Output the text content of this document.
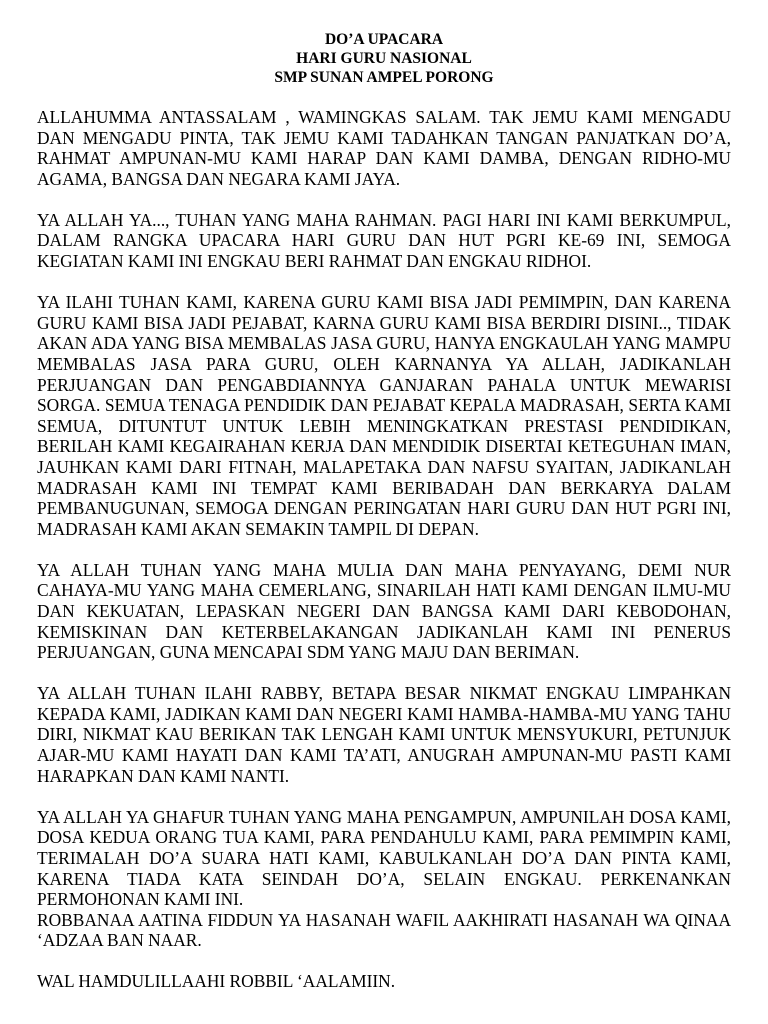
DO’A UPACARA

HARI GURU NASIONAL

SMP SUNAN AMPEL PORONG

ALLAHUMMA ANTASSALAM , WAMINGKAS SALAM. TAK JEMU KAMI MENGADU DAN MENGADU PINTA, TAK JEMU KAMI TADAHKAN TANGAN PANJATKAN DO’A, RAHMAT AMPUNAN-MU KAMI HARAP DAN KAMI DAMBA, DENGAN RIDHO-MU AGAMA, BANGSA DAN NEGARA KAMI JAYA.

YA ALLAH YA..., TUHAN YANG MAHA RAHMAN. PAGI HARI INI KAMI BERKUMPUL, DALAM RANGKA UPACARA HARI GURU DAN HUT PGRI KE-69 INI, SEMOGA KEGIATAN KAMI INI ENGKAU BERI RAHMAT DAN ENGKAU RIDHOI.

YA ILAHI TUHAN KAMI, KARENA GURU KAMI BISA JADI PEMIMPIN, DAN KARENA GURU KAMI BISA JADI PEJABAT, KARNA GURU KAMI BISA BERDIRI DISINI.., TIDAK AKAN ADA YANG BISA MEMBALAS JASA GURU, HANYA ENGKAULAH YANG MAMPU MEMBALAS JASA PARA GURU, OLEH KARNANYA YA ALLAH, JADIKANLAH PERJUANGAN DAN PENGABDIANNYA GANJARAN PAHALA UNTUK MEWARISI SORGA. SEMUA TENAGA PENDIDIK DAN PEJABAT KEPALA MADRASAH, SERTA KAMI SEMUA, DITUNTUT UNTUK LEBIH MENINGKATKAN PRESTASI PENDIDIKAN, BERILAH KAMI KEGAIRAHAN KERJA DAN MENDIDIK DISERTAI KETEGUHAN IMAN, JAUHKAN KAMI DARI FITNAH, MALAPETAKA DAN NAFSU SYAITAN, JADIKANLAH MADRASAH KAMI INI TEMPAT KAMI BERIBADAH DAN BERKARYA DALAM PEMBANUGUNAN, SEMOGA DENGAN PERINGATAN HARI GURU DAN HUT PGRI INI, MADRASAH KAMI AKAN SEMAKIN TAMPIL DI DEPAN.

YA ALLAH TUHAN YANG MAHA MULIA DAN MAHA PENYAYANG, DEMI NUR CAHAYA-MU YANG MAHA CEMERLANG, SINARILAH HATI KAMI DENGAN ILMU-MU DAN KEKUATAN, LEPASKAN NEGERI DAN BANGSA KAMI DARI KEBODOHAN, KEMISKINAN DAN KETERBELAKANGAN JADIKANLAH KAMI INI PENERUS PERJUANGAN, GUNA MENCAPAI SDM YANG MAJU DAN BERIMAN.

YA ALLAH TUHAN ILAHI RABBY, BETAPA BESAR NIKMAT ENGKAU LIMPAHKAN KEPADA KAMI, JADIKAN KAMI DAN NEGERI KAMI HAMBA-HAMBA-MU YANG TAHU DIRI, NIKMAT KAU BERIKAN TAK LENGAH KAMI UNTUK MENSYUKURI, PETUNJUK AJAR-MU KAMI HAYATI DAN KAMI TA’ATI, ANUGRAH AMPUNAN-MU PASTI KAMI HARAPKAN DAN KAMI NANTI.

YA ALLAH YA GHAFUR TUHAN YANG MAHA PENGAMPUN, AMPUNILAH DOSA KAMI, DOSA KEDUA ORANG TUA KAMI, PARA PENDAHULU KAMI, PARA PEMIMPIN KAMI, TERIMALAH DO’A SUARA HATI KAMI, KABULKANLAH DO’A DAN PINTA KAMI, KARENA TIADA KATA SEINDAH DO’A, SELAIN ENGKAU. PERKENANKAN PERMOHONAN KAMI INI.

ROBBANAA AATINA FIDDUN YA HASANAH WAFIL AAKHIRATI HASANAH WA QINAA ‘ADZAA BAN NAAR.

WAL HAMDULILLAAHI ROBBIL ‘AALAMIIN.
